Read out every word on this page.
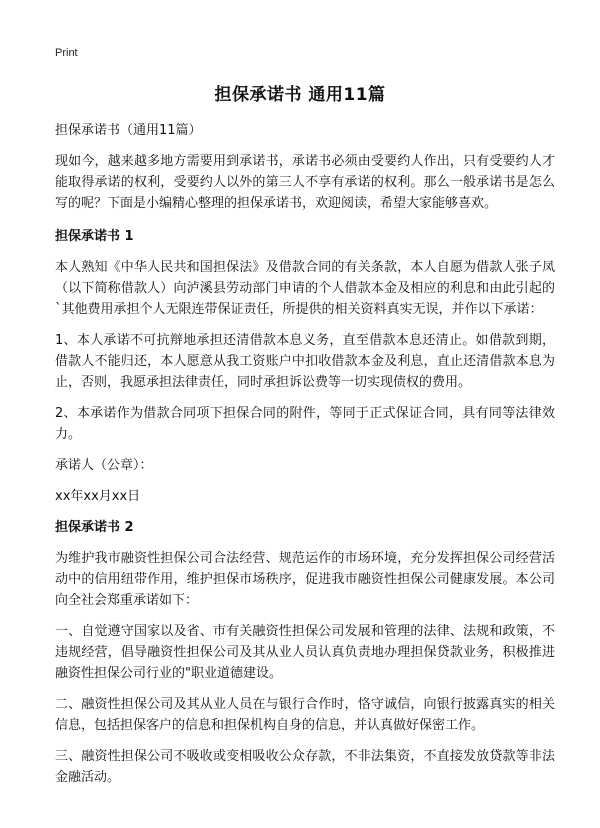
Print
担保承诺书 通用11篇

担保承诺书（通用11篇）

现如今，越来越多地方需要用到承诺书，承诺书必须由受要约人作出，只有受要约人才能取得承诺的权利，受要约人以外的第三人不享有承诺的权利。那么一般承诺书是怎么写的呢？下面是小编精心整理的担保承诺书，欢迎阅读，希望大家能够喜欢。

担保承诺书 1

本人熟知《中华人民共和国担保法》及借款合同的有关条款，本人自愿为借款人张子凤（以下简称借款人）向泸溪县劳动部门申请的个人借款本金及相应的利息和由此引起的`其他费用承担个人无限连带保证责任，所提供的相关资料真实无误，并作以下承诺：

1、本人承诺不可抗辩地承担还清借款本息义务，直至借款本息还清止。如借款到期，借款人不能归还，本人愿意从我工资账户中扣收借款本金及利息，直止还清借款本息为止，否则，我愿承担法律责任，同时承担诉讼费等一切实现债权的费用。

2、本承诺作为借款合同项下担保合同的附件，等同于正式保证合同，具有同等法律效力。

承诺人（公章）：

xx年xx月xx日

担保承诺书 2

为维护我市融资性担保公司合法经营、规范运作的市场环境，充分发挥担保公司经营活动中的信用纽带作用，维护担保市场秩序，促进我市融资性担保公司健康发展。本公司向全社会郑重承诺如下：

一、自觉遵守国家以及省、市有关融资性担保公司发展和管理的法律、法规和政策，不违规经营，倡导融资性担保公司及其从业人员认真负责地办理担保贷款业务，积极推进融资性担保公司行业的"职业道德建设。

二、融资性担保公司及其从业人员在与银行合作时，恪守诚信，向银行披露真实的相关信息，包括担保客户的信息和担保机构自身的信息，并认真做好保密工作。

三、融资性担保公司不吸收或变相吸收公众存款，不非法集资，不直接发放贷款等非法金融活动。
